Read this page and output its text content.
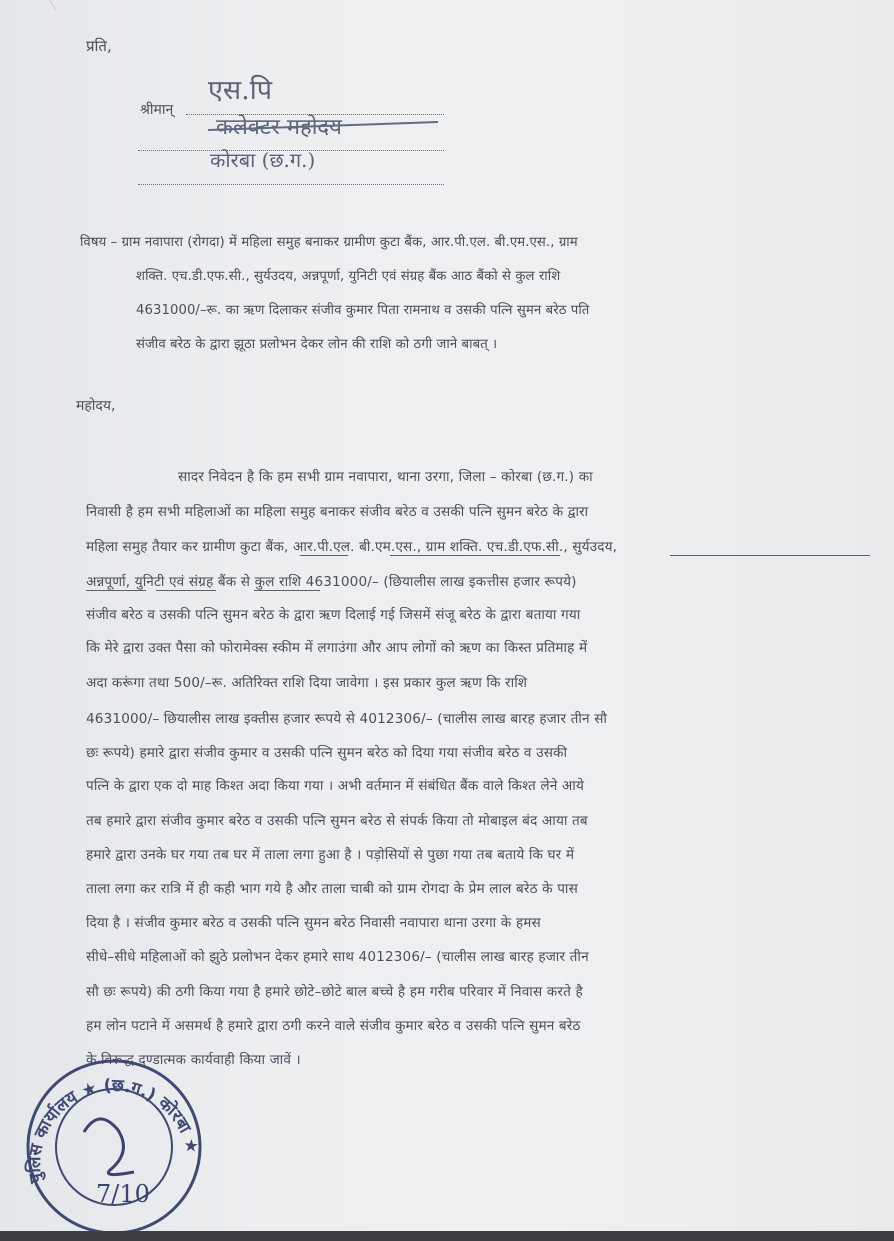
प्रति,
श्रीमान्
एस.पि
कलेक्टर महोदय
कोरबा (छ.ग.)
विषय – ग्राम नवापारा (रोगदा) में महिला समुह बनाकर ग्रामीण कुटा बैंक, आर.पी.एल. बी.एम.एस., ग्राम
शक्ति. एच.डी.एफ.सी., सुर्यउदय, अन्नपूर्णा, युनिटी एवं संग्रह बैंक आठ बैंको से कुल राशि
4631000/–रू. का ऋण दिलाकर संजीव कुमार पिता रामनाथ व उसकी पत्नि सुमन बरेठ पति
संजीव बरेठ के द्वारा झूठा प्रलोभन देकर लोन की राशि को ठगी जाने बाबत् ।
महोदय,
सादर निवेदन है कि हम सभी ग्राम नवापारा, थाना उरगा, जिला – कोरबा (छ.ग.) का
निवासी है हम सभी महिलाओं का महिला समुह बनाकर संजीव बरेठ व उसकी पत्नि सुमन बरेठ के द्वारा
महिला समुह तैयार कर ग्रामीण कुटा बैंक, आर.पी.एल. बी.एम.एस., ग्राम शक्ति. एच.डी.एफ.सी., सुर्यउदय,
अन्नपूर्णा, युनिटी एवं संग्रह बैंक से कुल राशि 4631000/– (छियालीस लाख इकत्तीस हजार रूपये)
संजीव बरेठ व उसकी पत्नि सुमन बरेठ के द्वारा ऋण दिलाई गई जिसमें संजू बरेठ के द्वारा बताया गया
कि मेरे द्वारा उक्त पैसा को फोरामेक्स स्कीम में लगाउंगा और आप लोगों को ऋण का किस्त प्रतिमाह में
अदा करूंगा तथा 500/–रू. अतिरिक्त राशि दिया जावेगा । इस प्रकार कुल ऋण कि राशि
4631000/– छियालीस लाख इक्तीस हजार रूपये से 4012306/– (चालीस लाख बारह हजार तीन सौ
छः रूपये) हमारे द्वारा संजीव कुमार व उसकी पत्नि सुमन बरेठ को दिया गया संजीव बरेठ व उसकी
पत्नि के द्वारा एक दो माह किश्त अदा किया गया । अभी वर्तमान में संबंधित बैंक वाले किश्त लेने आये
तब हमारे द्वारा संजीव कुमार बरेठ व उसकी पत्नि सुमन बरेठ से संपर्क किया तो मोबाइल बंद आया तब
हमारे द्वारा उनके घर गया तब घर में ताला लगा हुआ है । पड़ोसियों से पुछा गया तब बताये कि घर में
ताला लगा कर रात्रि में ही कही भाग गये है और ताला चाबी को ग्राम रोगदा के प्रेम लाल बरेठ के पास
दिया है । संजीव कुमार बरेठ व उसकी पत्नि सुमन बरेठ निवासी नवापारा थाना उरगा के हमस
सीधे–सीधे महिलाओं को झुठे प्रलोभन देकर हमारे साथ 4012306/– (चालीस लाख बारह हजार तीन
सौ छः रूपये) की ठगी किया गया है हमारे छोटे–छोटे बाल बच्चे है हम गरीब परिवार में निवास करते है
हम लोन पटाने में असमर्थ है हमारे द्वारा ठगी करने वाले संजीव कुमार बरेठ व उसकी पत्नि सुमन बरेठ
के विरूद्ध दण्डात्मक कार्यवाही किया जावें ।
पुलिस कार्यालय ★ (छ.ग.) कोरबा ★
7/10
